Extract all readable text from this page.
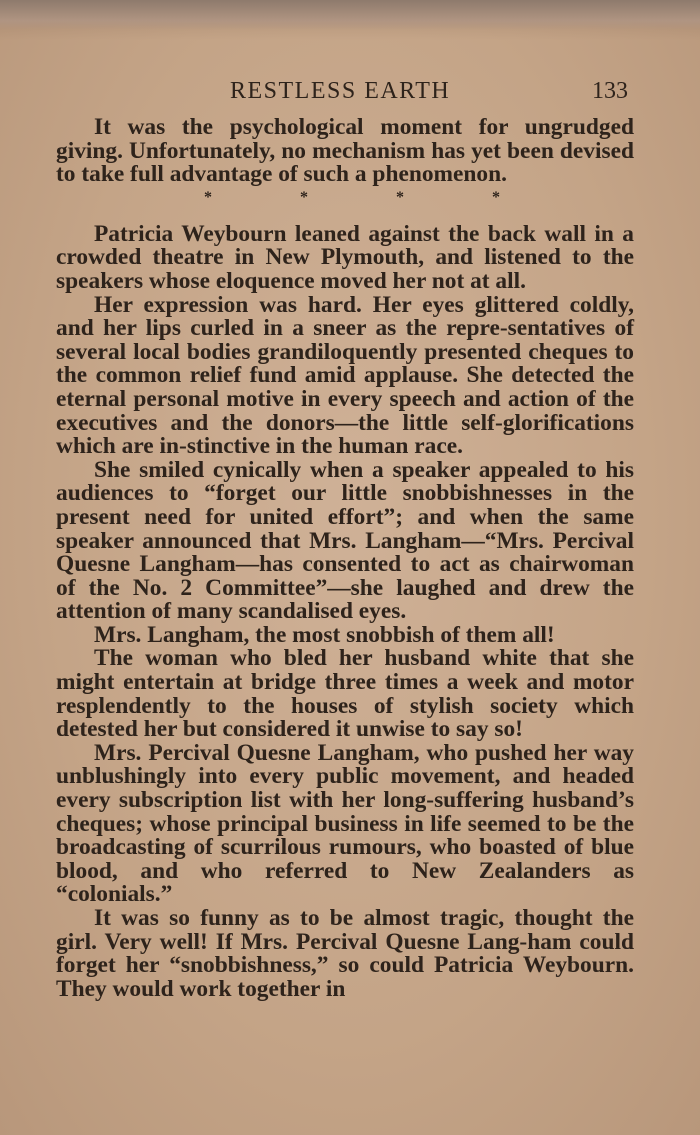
RESTLESS EARTH	133

It was the psychological moment for ungrudged giving. Unfortunately, no mechanism has yet been devised to take full advantage of such a phenomenon.

*	*	*	*

Patricia Weybourn leaned against the back wall in a crowded theatre in New Plymouth, and listened to the speakers whose eloquence moved her not at all.

Her expression was hard. Her eyes glittered coldly, and her lips curled in a sneer as the repre-sentatives of several local bodies grandiloquently presented cheques to the common relief fund amid applause. She detected the eternal personal motive in every speech and action of the executives and the donors—the little self-glorifications which are in-stinctive in the human race.

She smiled cynically when a speaker appealed to his audiences to “forget our little snobbishnesses in the present need for united effort”; and when the same speaker announced that Mrs. Langham—“Mrs. Percival Quesne Langham—has consented to act as chairwoman of the No. 2 Committee”—she laughed and drew the attention of many scandalised eyes.

Mrs. Langham, the most snobbish of them all!

The woman who bled her husband white that she might entertain at bridge three times a week and motor resplendently to the houses of stylish society which detested her but considered it unwise to say so!

Mrs. Percival Quesne Langham, who pushed her way unblushingly into every public movement, and headed every subscription list with her long-suffering husband’s cheques; whose principal business in life seemed to be the broadcasting of scurrilous rumours, who boasted of blue blood, and who referred to New Zealanders as “colonials.”

It was so funny as to be almost tragic, thought the girl. Very well! If Mrs. Percival Quesne Lang-ham could forget her “snobbishness,” so could Patricia Weybourn. They would work together in
